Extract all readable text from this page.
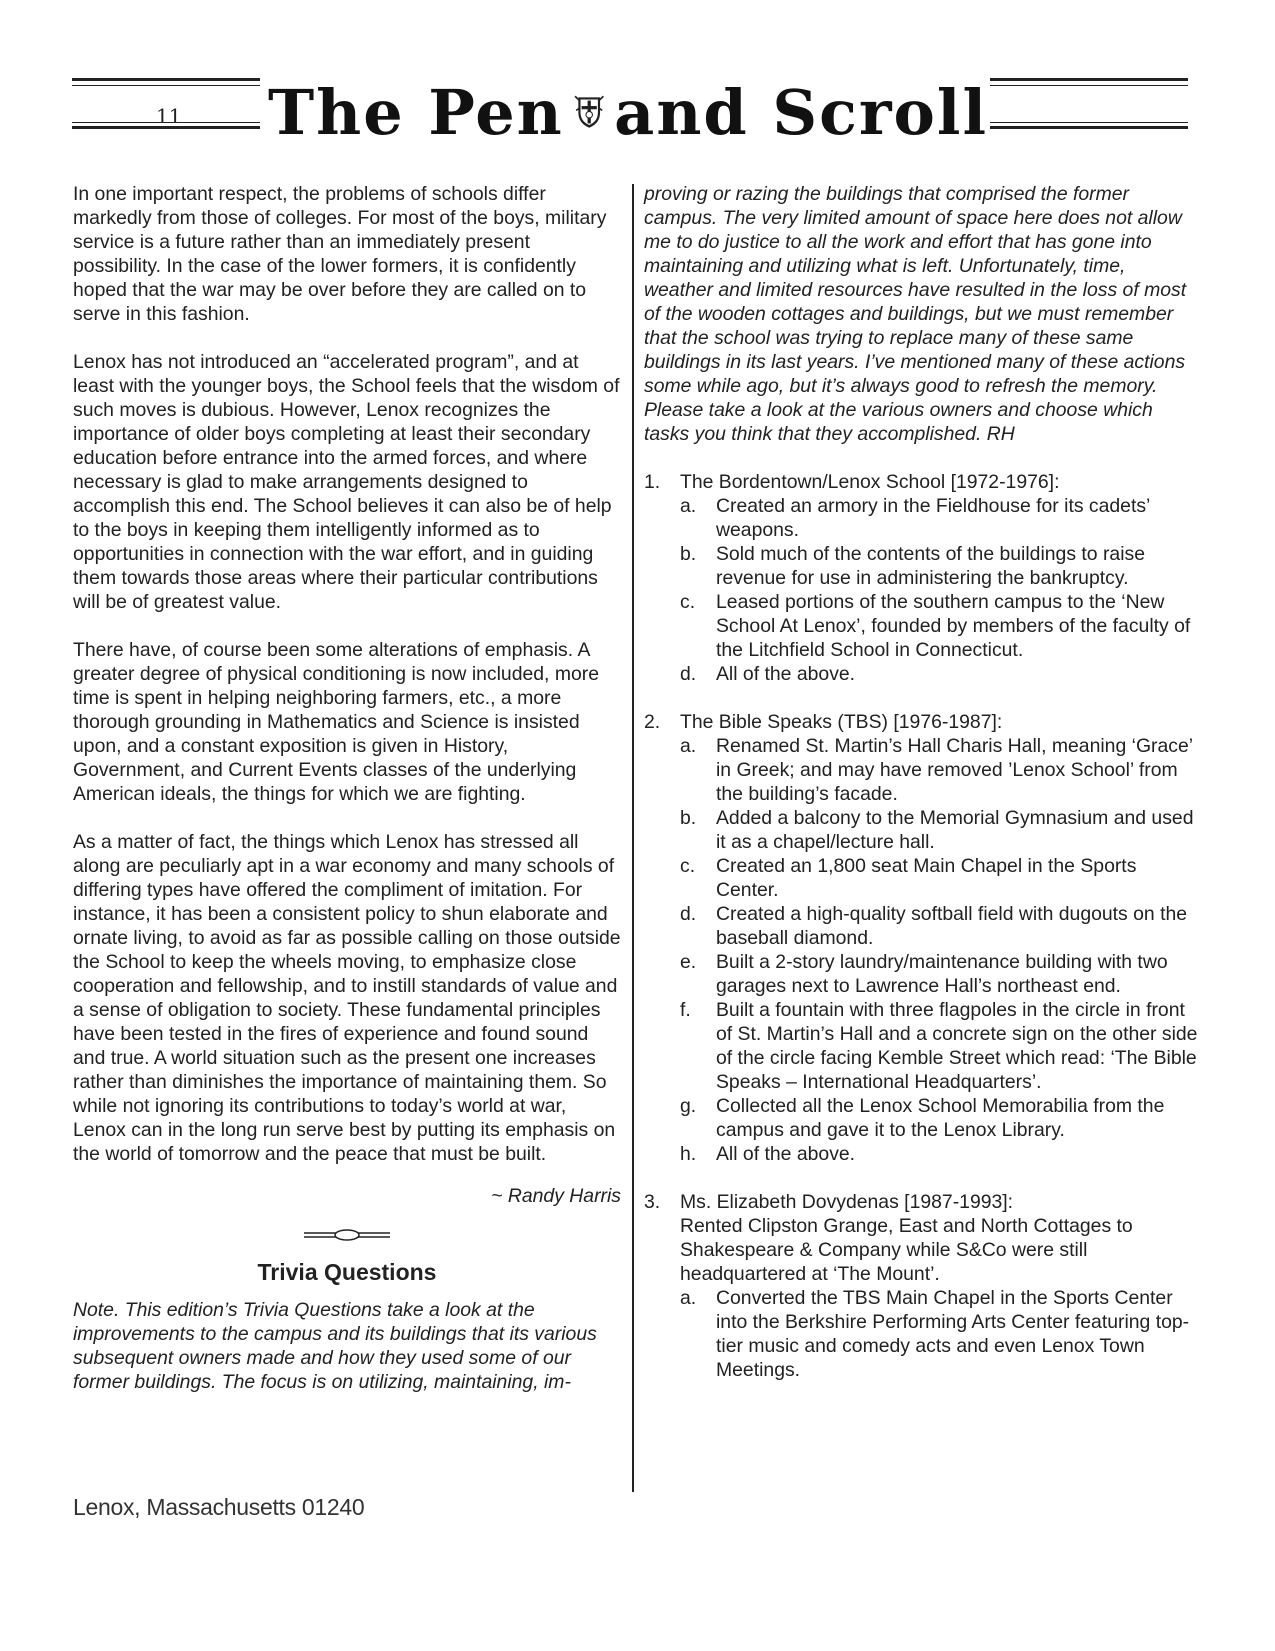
11 The Pen and Scroll

In one important respect, the problems of schools differ markedly from those of colleges. For most of the boys, military service is a future rather than an immediately present possibility. In the case of the lower formers, it is confidently hoped that the war may be over before they are called on to serve in this fashion.

Lenox has not introduced an “accelerated program”, and at least with the younger boys, the School feels that the wisdom of such moves is dubious. However, Lenox recognizes the importance of older boys completing at least their secondary education before entrance into the armed forces, and where necessary is glad to make arrangements designed to accomplish this end. The School believes it can also be of help to the boys in keeping them intelligently informed as to opportunities in connection with the war effort, and in guiding them towards those areas where their particular contributions will be of greatest value.

There have, of course been some alterations of emphasis. A greater degree of physical conditioning is now included, more time is spent in helping neighboring farmers, etc., a more thorough grounding in Mathematics and Science is insisted upon, and a constant exposition is given in History, Government, and Current Events classes of the underlying American ideals, the things for which we are fighting.

As a matter of fact, the things which Lenox has stressed all along are peculiarly apt in a war economy and many schools of differing types have offered the compliment of imitation. For instance, it has been a consistent policy to shun elaborate and ornate living, to avoid as far as possible calling on those outside the School to keep the wheels moving, to emphasize close cooperation and fellowship, and to instill standards of value and a sense of obligation to society. These fundamental principles have been tested in the fires of experience and found sound and true. A world situation such as the present one increases rather than diminishes the importance of maintaining them. So while not ignoring its contributions to today’s world at war, Lenox can in the long run serve best by putting its emphasis on the world of tomorrow and the peace that must be built.

~ Randy Harris

Trivia Questions

Note. This edition’s Trivia Questions take a look at the improvements to the campus and its buildings that its various subsequent owners made and how they used some of our former buildings. The focus is on utilizing, maintaining, im-

proving or razing the buildings that comprised the former campus. The very limited amount of space here does not allow me to do justice to all the work and effort that has gone into maintaining and utilizing what is left. Unfortunately, time, weather and limited resources have resulted in the loss of most of the wooden cottages and buildings, but we must remember that the school was trying to replace many of these same buildings in its last years. I’ve mentioned many of these actions some while ago, but it’s always good to refresh the memory. Please take a look at the various owners and choose which tasks you think that they accomplished. RH

1. The Bordentown/Lenox School [1972-1976]:
a. Created an armory in the Fieldhouse for its cadets’ weapons.
b. Sold much of the contents of the buildings to raise revenue for use in administering the bankruptcy.
c. Leased portions of the southern campus to the ‘New School At Lenox’, founded by members of the faculty of the Litchfield School in Connecticut.
d. All of the above.
2. The Bible Speaks (TBS) [1976-1987]:
a. Renamed St. Martin’s Hall Charis Hall, meaning ‘Grace’ in Greek; and may have removed ’Lenox School’ from the building’s facade.
b. Added a balcony to the Memorial Gymnasium and used it as a chapel/lecture hall.
c. Created an 1,800 seat Main Chapel in the Sports Center.
d. Created a high-quality softball field with dugouts on the baseball diamond.
e. Built a 2-story laundry/maintenance building with two garages next to Lawrence Hall’s northeast end.
f. Built a fountain with three flagpoles in the circle in front of St. Martin’s Hall and a concrete sign on the other side of the circle facing Kemble Street which read: ‘The Bible Speaks – International Headquarters’.
g. Collected all the Lenox School Memorabilia from the campus and gave it to the Lenox Library.
h. All of the above.
3. Ms. Elizabeth Dovydenas [1987-1993]:
Rented Clipston Grange, East and North Cottages to Shakespeare & Company while S&Co were still headquartered at ‘The Mount’.
a. Converted the TBS Main Chapel in the Sports Center into the Berkshire Performing Arts Center featuring top-tier music and comedy acts and even Lenox Town Meetings.
Lenox, Massachusetts 01240
